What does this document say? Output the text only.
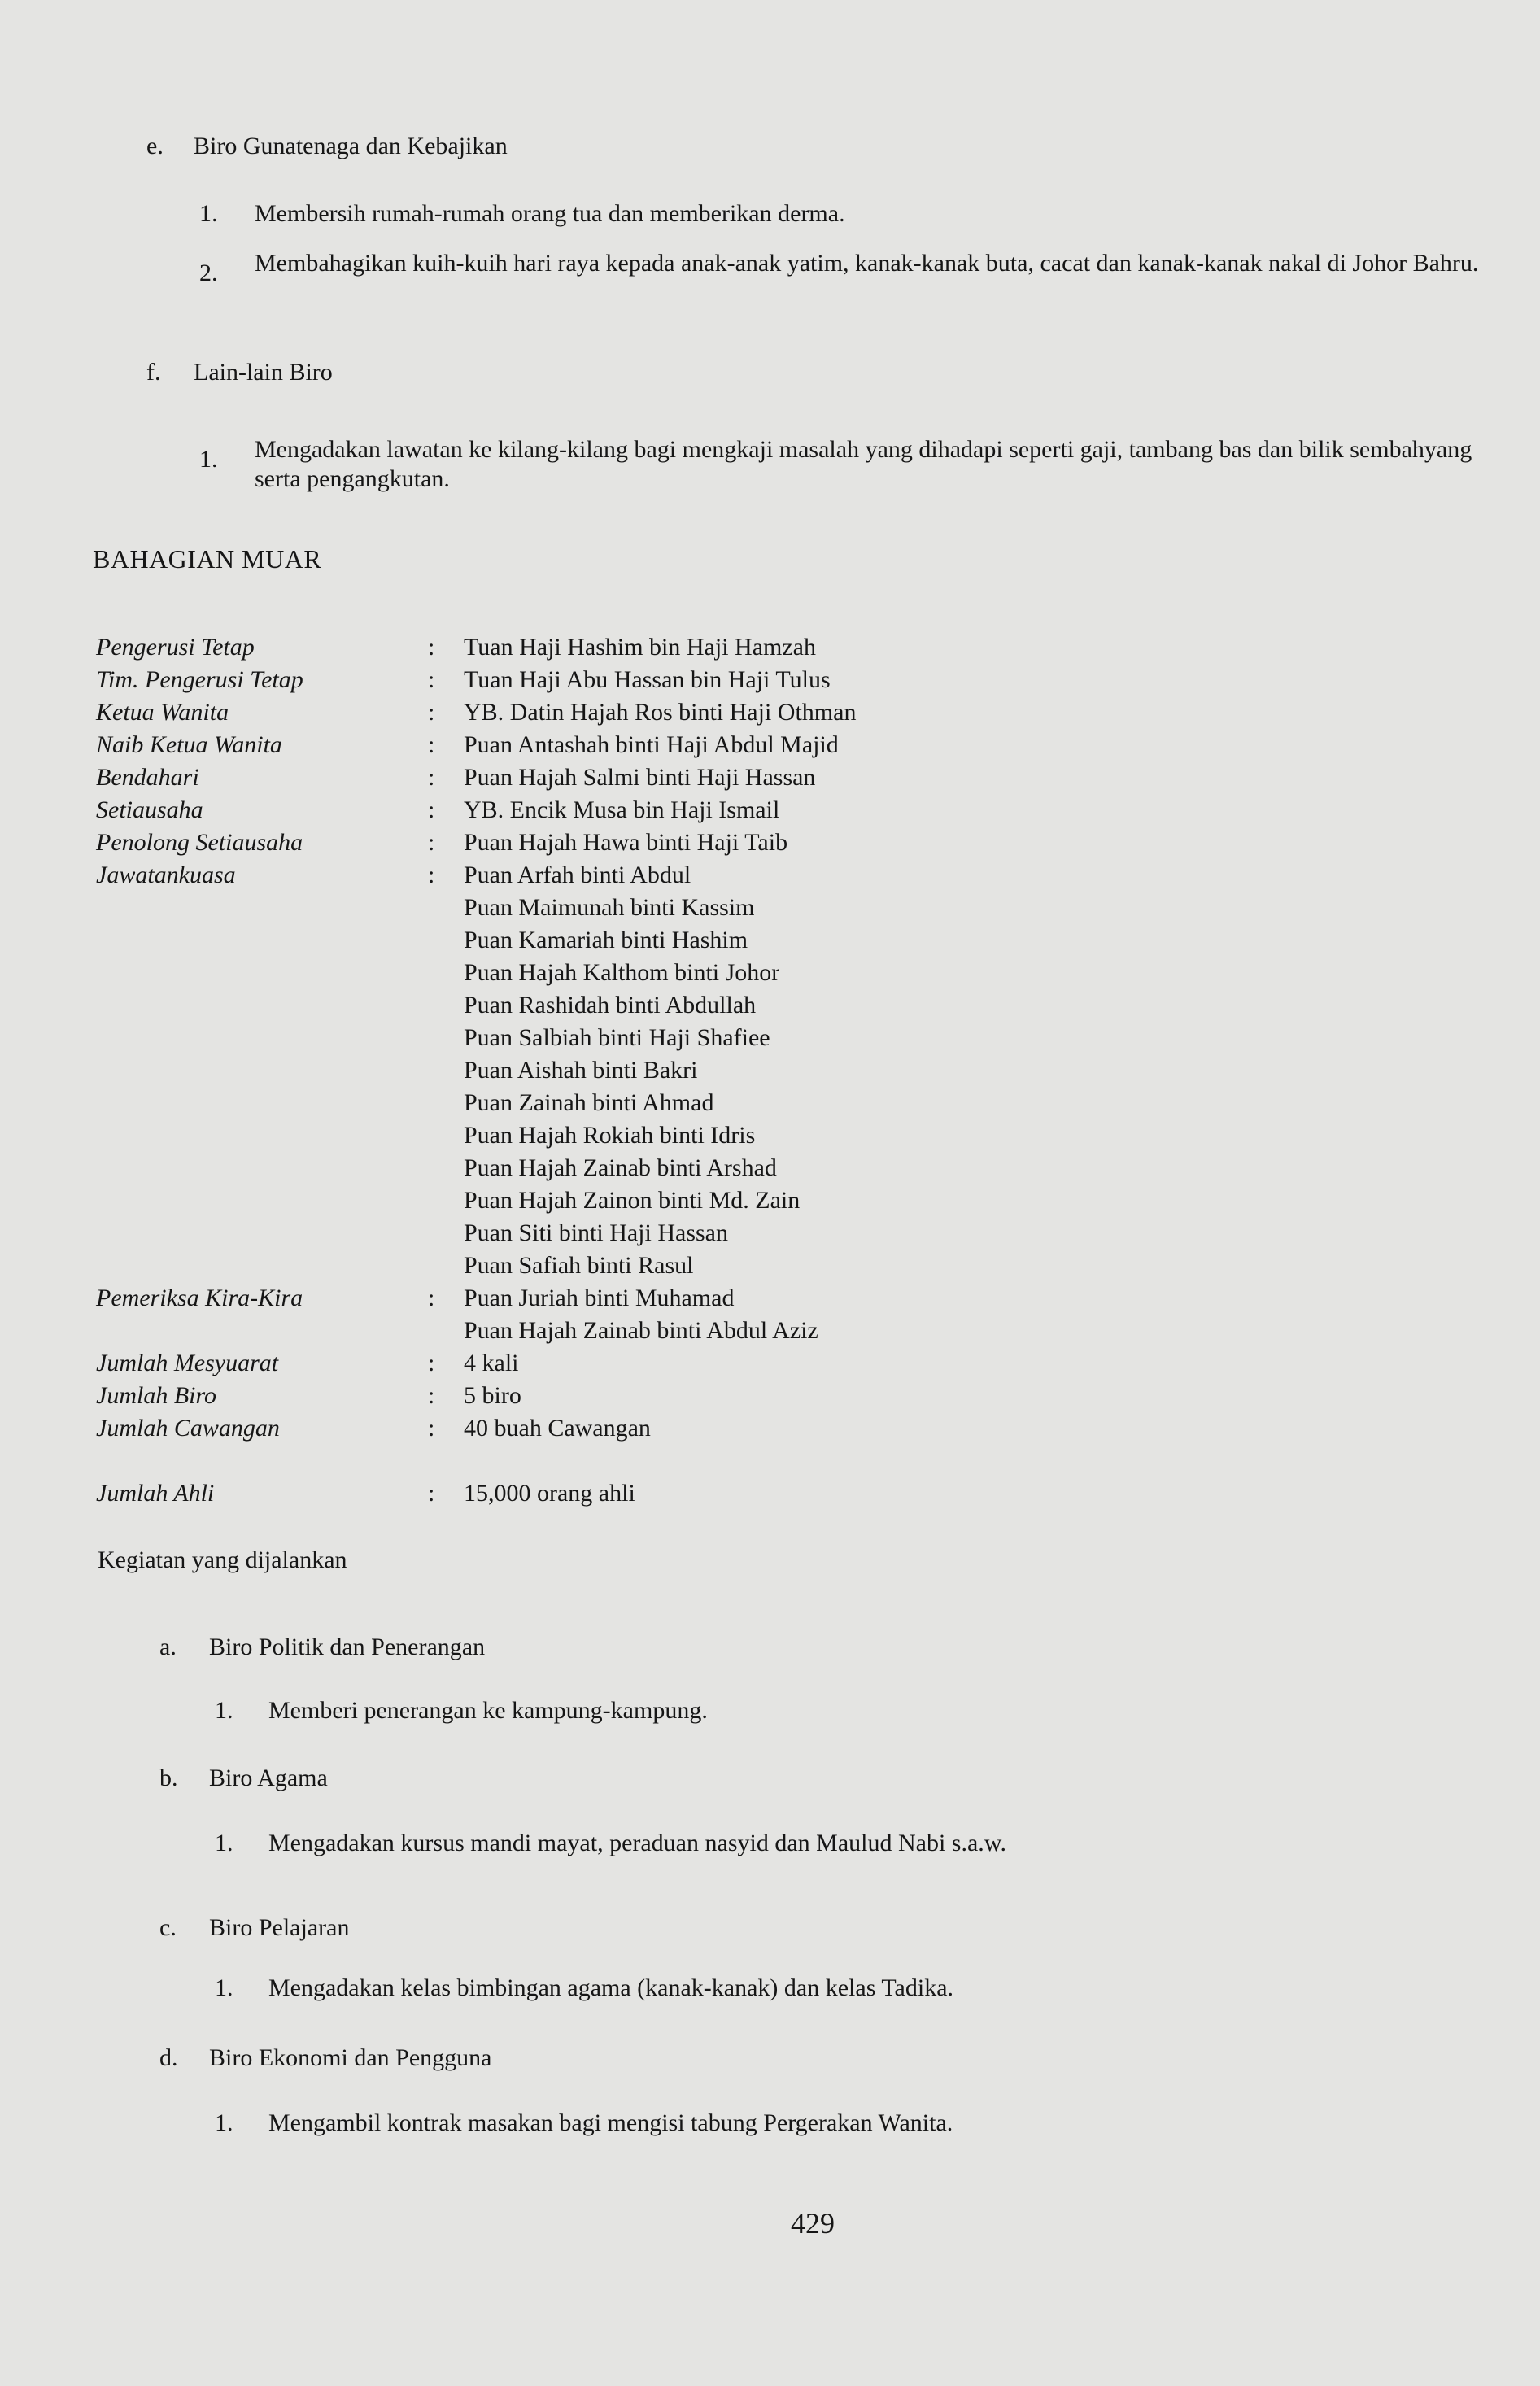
e. Biro Gunatenaga dan Kebajikan
1. Membersih rumah-rumah orang tua dan memberikan derma.
2. Membahagikan kuih-kuih hari raya kepada anak-anak yatim, kanak-kanak buta, cacat dan kanak-kanak nakal di Johor Bahru.
f. Lain-lain Biro
1. Mengadakan lawatan ke kilang-kilang bagi mengkaji masalah yang dihadapi seperti gaji, tambang bas dan bilik sembahyang serta pengangkutan.
BAHAGIAN MUAR
Pengerusi Tetap	: Tuan Haji Hashim bin Haji Hamzah
Tim. Pengerusi Tetap	: Tuan Haji Abu Hassan bin Haji Tulus
Ketua Wanita	: YB. Datin Hajah Ros binti Haji Othman
Naib Ketua Wanita	: Puan Antashah binti Haji Abdul Majid
Bendahari	: Puan Hajah Salmi binti Haji Hassan
Setiausaha	: YB. Encik Musa bin Haji Ismail
Penolong Setiausaha	: Puan Hajah Hawa binti Haji Taib
Jawatankuasa	: Puan Arfah binti Abdul
Puan Maimunah binti Kassim
Puan Kamariah binti Hashim
Puan Hajah Kalthom binti Johor
Puan Rashidah binti Abdullah
Puan Salbiah binti Haji Shafiee
Puan Aishah binti Bakri
Puan Zainah binti Ahmad
Puan Hajah Rokiah binti Idris
Puan Hajah Zainab binti Arshad
Puan Hajah Zainon binti Md. Zain
Puan Siti binti Haji Hassan
Puan Safiah binti Rasul
Pemeriksa Kira-Kira	: Puan Juriah binti Muhamad
Puan Hajah Zainab binti Abdul Aziz
Jumlah Mesyuarat	: 4 kali
Jumlah Biro	: 5 biro
Jumlah Cawangan	: 40 buah Cawangan
Jumlah Ahli	: 15,000 orang ahli
Kegiatan yang dijalankan
a. Biro Politik dan Penerangan
1. Memberi penerangan ke kampung-kampung.
b. Biro Agama
1. Mengadakan kursus mandi mayat, peraduan nasyid dan Maulud Nabi s.a.w.
c. Biro Pelajaran
1. Mengadakan kelas bimbingan agama (kanak-kanak) dan kelas Tadika.
d. Biro Ekonomi dan Pengguna
1. Mengambil kontrak masakan bagi mengisi tabung Pergerakan Wanita.
429
